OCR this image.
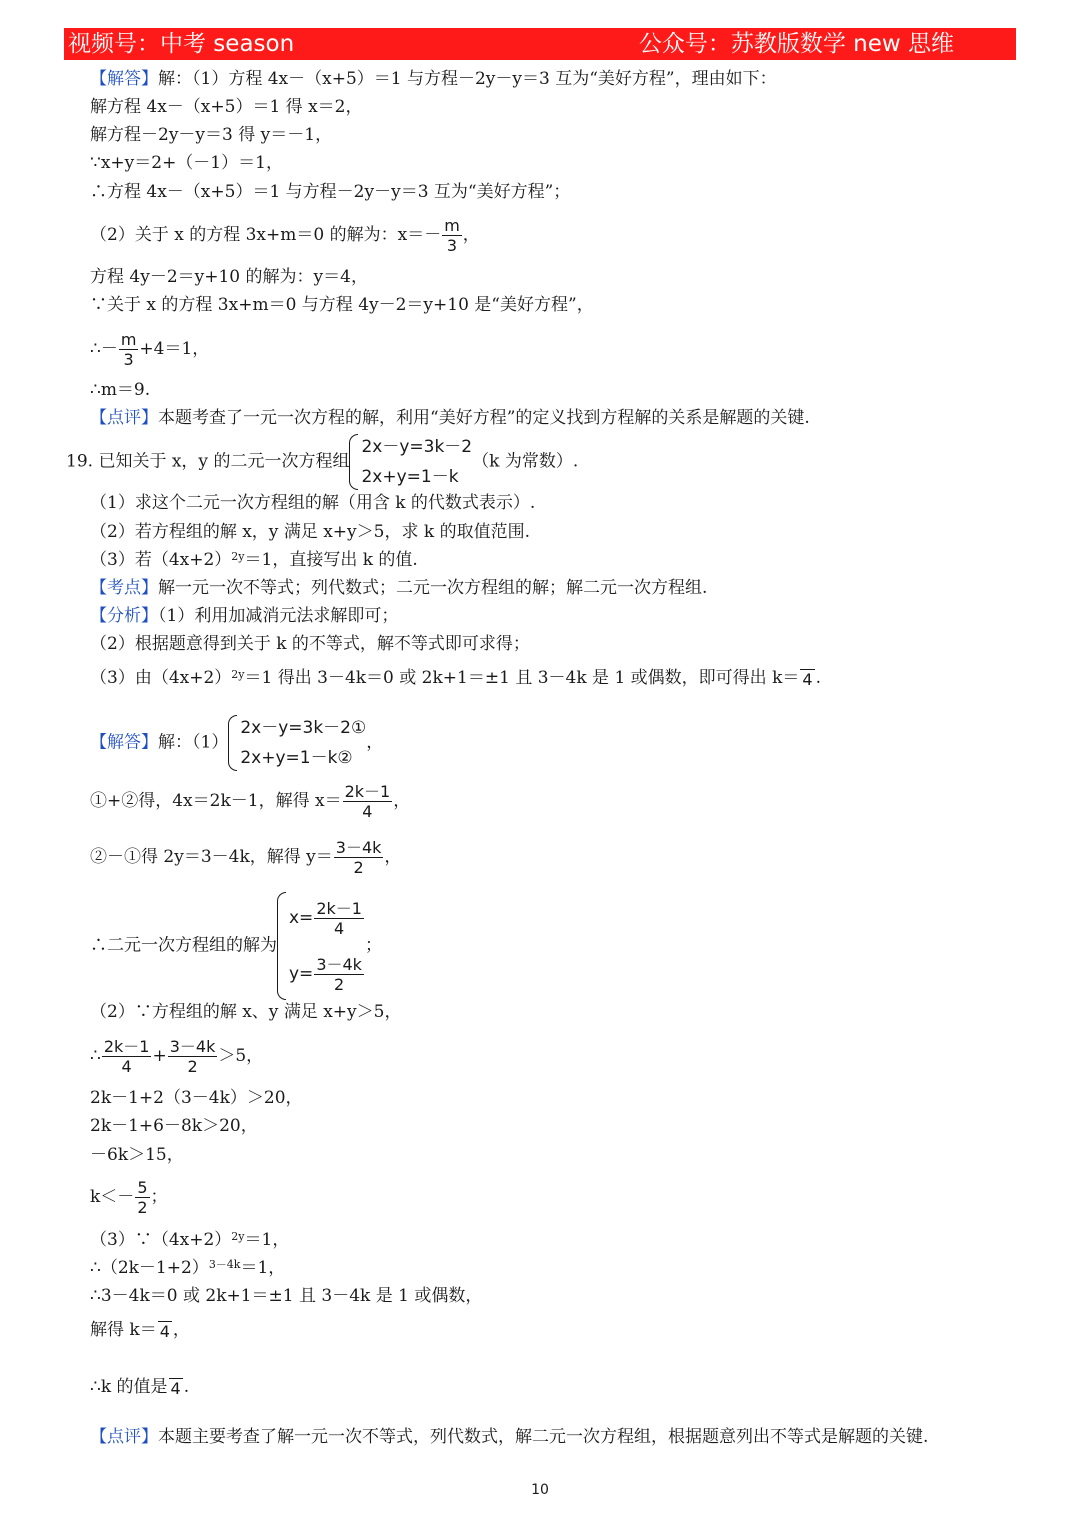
视频号：中考 season	公众号：苏教版数学 new 思维
【解答】解：（1）方程 4x－（x+5）＝1 与方程－2y－y＝3 互为“美好方程”，理由如下：
解方程 4x－（x+5）＝1 得 x＝2，
解方程－2y－y＝3 得 y＝－1，
∵x+y＝2+（－1）＝1，
∴方程 4x－（x+5）＝1 与方程－2y－y＝3 互为“美好方程”；
（2）关于 x 的方程 3x+m＝0 的解为：$x=- \frac{m}{3}$ ，
方程 4y－2＝y+10 的解为：y＝4，
∵关于 x 的方程 3x+m＝0 与方程 4y－2＝y+10 是“美好方程”，
∴－ $\frac{m}{3} +4=1$，
∴m＝9.
【点评】本题考查了一元一次方程的解，利用“美好方程”的定义找到方程解的关系是解题的关键.
19. 已知关于 x，y 的二元一次方程组
2x－y=3k－2
2x+y=1－k
（k 为常数）.
（1）求这个二元一次方程组的解（用含 k 的代数式表示）.
（2）若方程组的解 x，y 满足 x+y＞5，求 k 的取值范围.
（3）若$(4x+2)^{2y}=1$，直接写出 k 的值.
【考点】解一元一次不等式；列代数式；二元一次方程组的解；解二元一次方程组.
【分析】（1）利用加减消元法求解即可；
（2）根据题意得到关于 k 的不等式，解不等式即可求得；
（3）由$(4x+2)^{2y}=1$ 得出 3－4k＝0 或 2k+1＝±1 且 3－4k 是 1 或偶数，即可得出 k＝ 4 .
【解答】解：（1）
2x－y=3k－2①
2x+y=1－k②
，
①+②得，4x＝2k－1，解得 $x= \frac{2k-1}{4}$ ，
②－①得 2y＝3－4k，解得 $y= \frac{3-4k}{2}$ ，
∴二元一次方程组的解为
$x= \frac{2k-1}{4}$
$y= \frac{3-4k}{2}$
；
（2）∵方程组的解 x、y 满足 x+y＞5，
∴ $\frac{2k-1}{4} + \frac{3-4k}{2} >5$，
2k－1+2（3－4k）＞20，
2k－1+6－8k＞20，
－6k＞15，
$k<- \frac{5}{2}$ ；
$(3)\because(4x+2)^{2y}=1$，
$\therefore(2k-1+2)^{3-4k}=1$，
∴3－4k＝0 或 2k+1＝±1 且 3－4k 是 1 或偶数，
解得 k＝ 4 ，
∴k 的值是 4 .
【点评】本题主要考查了解一元一次不等式，列代数式，解二元一次方程组，根据题意列出不等式是解题的关键.
10
